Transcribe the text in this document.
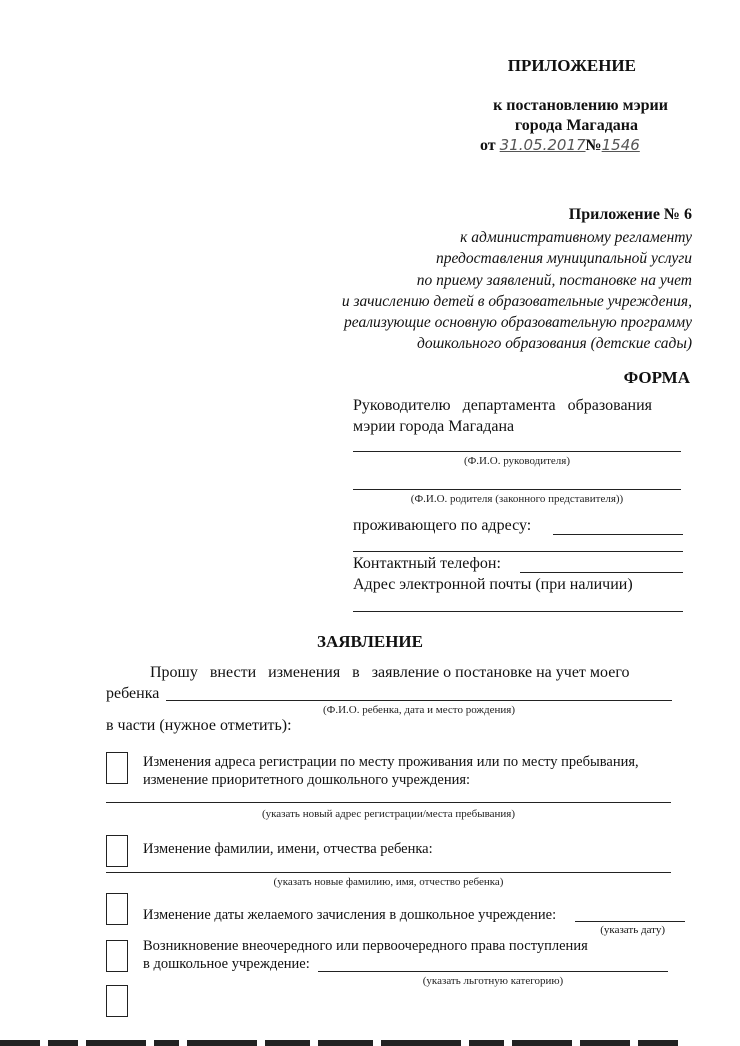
ПРИЛОЖЕНИЕ
к постановлению мэрии
города Магадана
от 31.05.2017№1546
Приложение № 6
к административному регламенту
предоставления муниципальной услуги
по приему заявлений, постановке на учет
и зачислению детей в образовательные учреждения,
реализующие основную образовательную программу
дошкольного образования (детские сады)
ФОРМА
Руководителю   департамента   образования
мэрии города Магадана
(Ф.И.О. руководителя)
(Ф.И.О. родителя (законного представителя))
проживающего по адресу:
Контактный телефон:
Адрес электронной почты (при наличии)
ЗАЯВЛЕНИЕ
Прошу   внести   изменения   в   заявление о постановке на учет моего
ребенка
(Ф.И.О. ребенка, дата и место рождения)
в части (нужное отметить):
Изменения адреса регистрации по месту проживания или по месту пребывания,
изменение приоритетного дошкольного учреждения:
(указать новый адрес регистрации/места пребывания)
Изменение фамилии, имени, отчества ребенка:
(указать новые фамилию, имя, отчество ребенка)
Изменение даты желаемого зачисления в дошкольное учреждение:
(указать дату)
Возникновение внеочередного или первоочередного права поступления
в дошкольное учреждение:
(указать льготную категорию)
